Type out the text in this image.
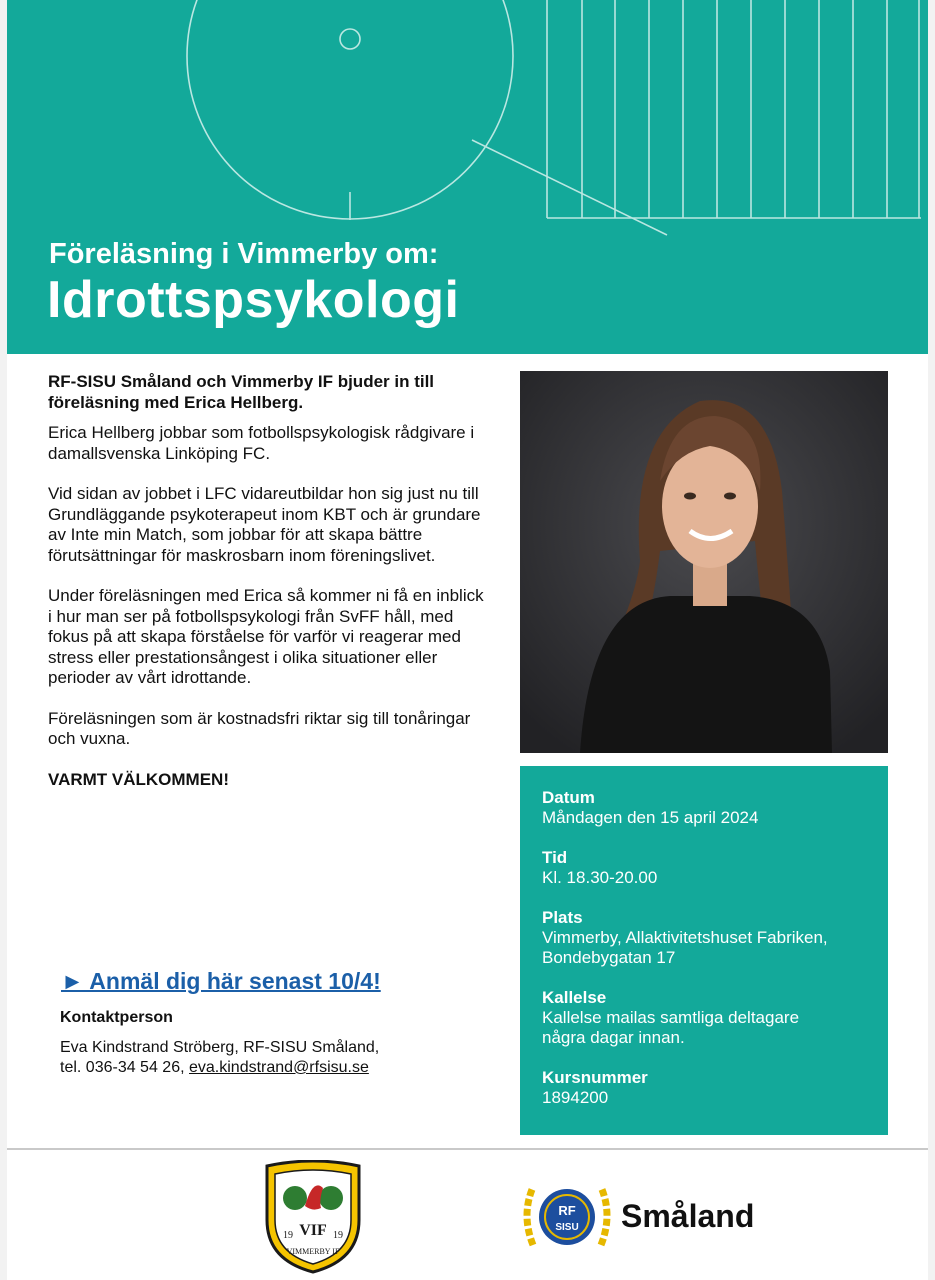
Föreläsning i Vimmerby om:
Idrottspsykologi

RF-SISU Småland och Vimmerby IF bjuder in till föreläsning med Erica Hellberg.

Erica Hellberg jobbar som fotbollspsykologisk rådgivare i damallsvenska Linköping FC.

Vid sidan av jobbet i LFC vidareutbildar hon sig just nu till Grundläggande psykoterapeut inom KBT och är grundare av Inte min Match, som jobbar för att skapa bättre förutsättningar för maskrosbarn inom föreningslivet.

Under föreläsningen med Erica så kommer ni få en inblick i hur man ser på fotbollspsykologi från SvFF håll, med fokus på att skapa förståelse för varför vi reagerar med stress eller prestationsångest i olika situationer eller perioder av vårt idrottande.

Föreläsningen som är kostnadsfri riktar sig till tonåringar och vuxna.

VARMT VÄLKOMMEN!

Datum
Måndagen den 15 april 2024
Tid
Kl. 18.30-20.00
Plats
Vimmerby, Allaktivitetshuset Fabriken,
Bondebygatan 17
Kallelse
Kallelse mailas samtliga deltagare
några dagar innan.
Kursnummer
1894200
► Anmäl dig här senast 10/4!
Kontaktperson
Eva Kindstrand Ströberg, RF-SISU Småland,
tel. 036-34 54 26, eva.kindstrand@rfsisu.se
VIF
19	19
VIMMERBY IF
RF
SISU Småland
